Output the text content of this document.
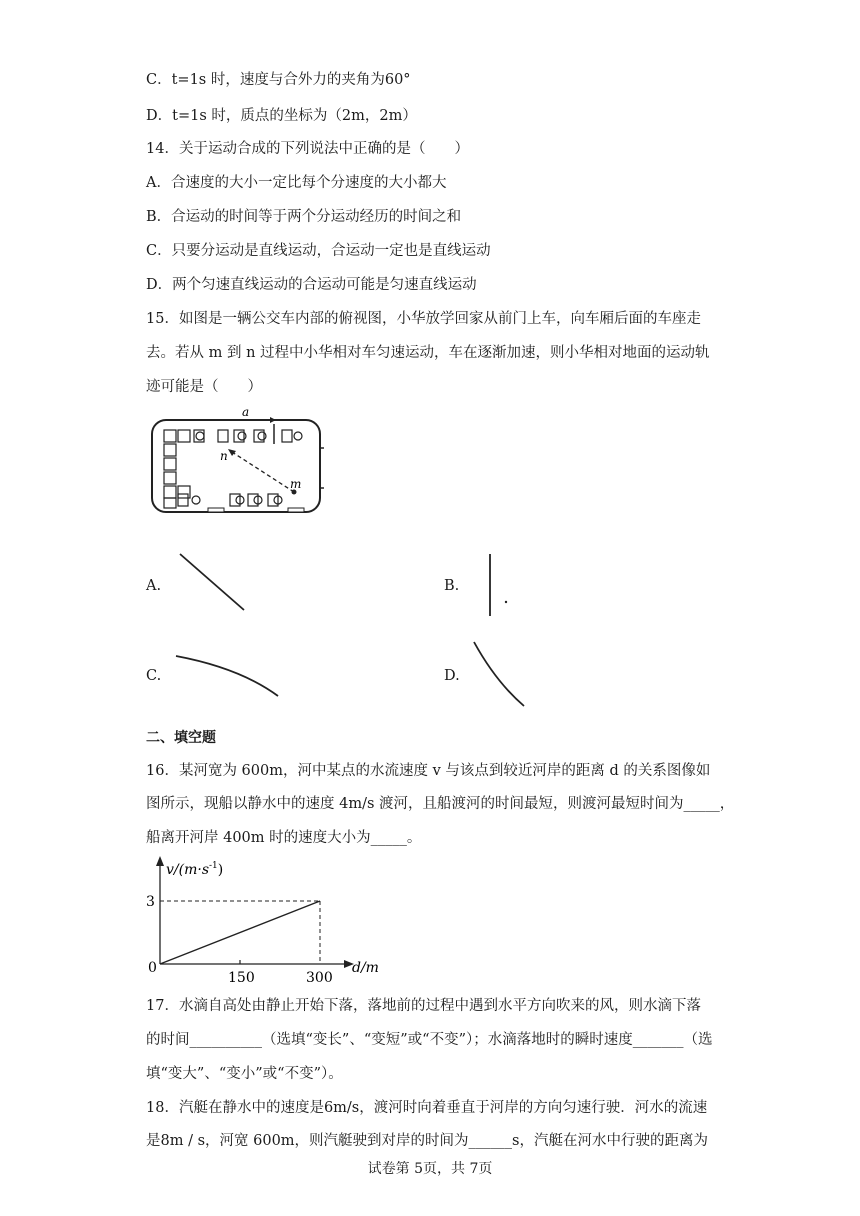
C．t=1s 时，速度与合外力的夹角为60°
D．t=1s 时，质点的坐标为（2m，2m）
14．关于运动合成的下列说法中正确的是（　　）
A．合速度的大小一定比每个分速度的大小都大
B．合运动的时间等于两个分运动经历的时间之和
C．只要分运动是直线运动，合运动一定也是直线运动
D．两个匀速直线运动的合运动可能是匀速直线运动
15．如图是一辆公交车内部的俯视图，小华放学回家从前门上车，向车厢后面的车座走
去。若从 m 到 n 过程中小华相对车匀速运动，车在逐渐加速，则小华相对地面的运动轨
迹可能是（　　）
a
n
m
A.	B.
C.	D.
二、填空题
16．某河宽为 600m，河中某点的水流速度 v 与该点到较近河岸的距离 d 的关系图像如
图所示，现船以静水中的速度 4m/s 渡河，且船渡河的时间最短，则渡河最短时间为_____，
船离开河岸 400m 时的速度大小为_____。
$v/(m\cdot s^{-1})$
3
0
150	300
d/m
17．水滴自高处由静止开始下落，落地前的过程中遇到水平方向吹来的风，则水滴下落
的时间__________（选填“变长”、“变短”或“不变”）；水滴落地时的瞬时速度_______（选
填“变大”、“变小”或“不变”）。
18．汽艇在静水中的速度是6m/s，渡河时向着垂直于河岸的方向匀速行驶．河水的流速
是8m / s，河宽 600m，则汽艇驶到对岸的时间为______s，汽艇在河水中行驶的距离为
试卷第 5页，共 7页
